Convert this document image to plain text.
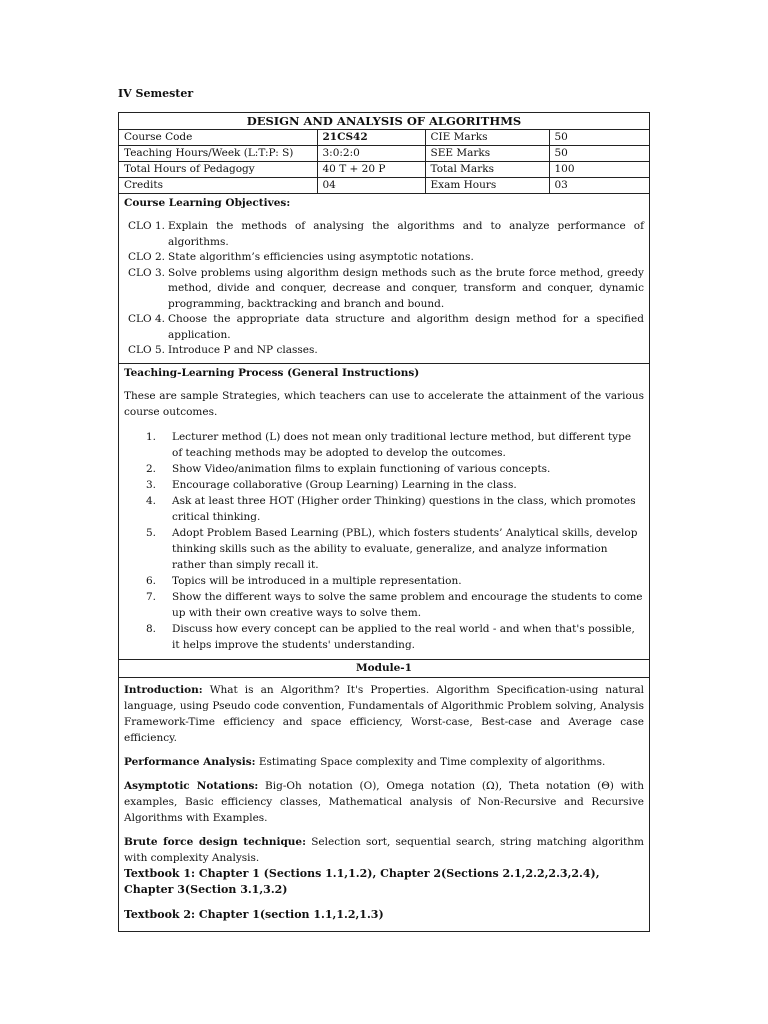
IV Semester
DESIGN AND ANALYSIS OF ALGORITHMS
Course Code	21CS42	CIE Marks	50
Teaching Hours/Week (L:T:P: S)	3:0:2:0	SEE Marks	50
Total Hours of Pedagogy	40 T + 20 P	Total Marks	100
Credits	04	Exam Hours	03
Course Learning Objectives:
CLO 1. Explain the methods of analysing the algorithms and to analyze performance of algorithms.
CLO 2. State algorithm’s efficiencies using asymptotic notations.
CLO 3. Solve problems using algorithm design methods such as the brute force method, greedy method, divide and conquer, decrease and conquer, transform and conquer, dynamic programming, backtracking and branch and bound.
CLO 4. Choose the appropriate data structure and algorithm design method for a specified application.
CLO 5. Introduce P and NP classes.
Teaching-Learning Process (General Instructions)
These are sample Strategies, which teachers can use to accelerate the attainment of the various course outcomes.
1.	Lecturer method (L) does not mean only traditional lecture method, but different type of teaching methods may be adopted to develop the outcomes.
2.	Show Video/animation films to explain functioning of various concepts.
3.	Encourage collaborative (Group Learning) Learning in the class.
4.	Ask at least three HOT (Higher order Thinking) questions in the class, which promotes critical thinking.
5.	Adopt Problem Based Learning (PBL), which fosters students’ Analytical skills, develop thinking skills such as the ability to evaluate, generalize, and analyze information rather than simply recall it.
6.	Topics will be introduced in a multiple representation.
7.	Show the different ways to solve the same problem and encourage the students to come up with their own creative ways to solve them.
8.	Discuss how every concept can be applied to the real world - and when that's possible, it helps improve the students' understanding.
Module-1
Introduction: What is an Algorithm? It's Properties. Algorithm Specification-using natural language, using Pseudo code convention, Fundamentals of Algorithmic Problem solving, Analysis Framework-Time efficiency and space efficiency, Worst-case, Best-case and Average case efficiency.
Performance Analysis: Estimating Space complexity and Time complexity of algorithms.
Asymptotic Notations: Big-Oh notation (O), Omega notation (Ω), Theta notation (Θ) with examples, Basic efficiency classes, Mathematical analysis of Non-Recursive and Recursive Algorithms with Examples.
Brute force design technique: Selection sort, sequential search, string matching algorithm with complexity Analysis.
Textbook 1: Chapter 1 (Sections 1.1,1.2), Chapter 2(Sections 2.1,2.2,2.3,2.4), Chapter 3(Section 3.1,3.2)
Textbook 2: Chapter 1(section 1.1,1.2,1.3)
